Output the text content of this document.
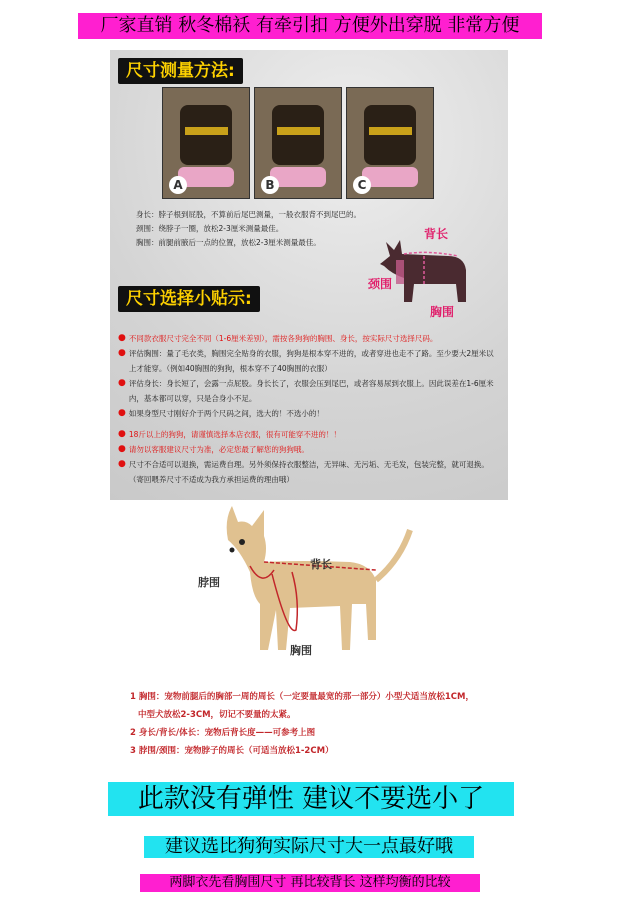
厂家直销 秋冬棉袄 有牵引扣 方便外出穿脱 非常方便
尺寸测量方法:
A	B	C
身长：脖子根到屁股，不算前后尾巴测量，一般衣服背不到尾巴的。
颈围：绕脖子一圈，放松2-3厘米测量最佳。
胸围：前腿前腋后一点的位置，放松2-3厘米测量最佳。
背长
颈围
胸围
尺寸选择小贴示:
● 不同款衣服尺寸完全不同（1-6厘米差别），需按各狗狗的胸围、身长，按实际尺寸选择尺码。
● 评估胸围：量了毛衣类，胸围完全贴身的衣服，狗狗是根本穿不进的，或者穿进也走不了路。至少要大2厘米以上才能穿。（例如40胸围的狗狗，根本穿不了40胸围的衣服）
● 评估身长：身长短了，会露一点屁股。身长长了，衣服会压到尾巴，或者容易尿到衣服上。因此误差在1-6厘米内，基本都可以穿，只是合身小不足。
● 如果身型尺寸刚好介于两个尺码之间，选大的！不选小的！
● 18斤以上的狗狗，请谨慎选择本店衣服，很有可能穿不进的！！
● 请勿以客服建议尺寸为准，必定您最了解您的狗狗哦。
● 尺寸不合适可以退换，需运费自理。另外须保持衣服整洁，无异味、无污垢、无毛发，包装完整，就可退换。（寄回喂养尺寸不适成为我方承担运费的理由哦）
脖围
背长
胸围
1 胸围：宠物前腿后的胸部一周的周长（一定要量最宽的那一部分）小型犬适当放松1CM，
中型犬放松2-3CM，切记不要量的太紧。
2 身长/背长/体长：宠物后背长度——可参考上图
3 脖围/颈围：宠物脖子的周长（可适当放松1-2CM）
此款没有弹性 建议不要选小了
建议选比狗狗实际尺寸大一点最好哦
两脚衣先看胸围尺寸 再比较背长 这样均衡的比较
